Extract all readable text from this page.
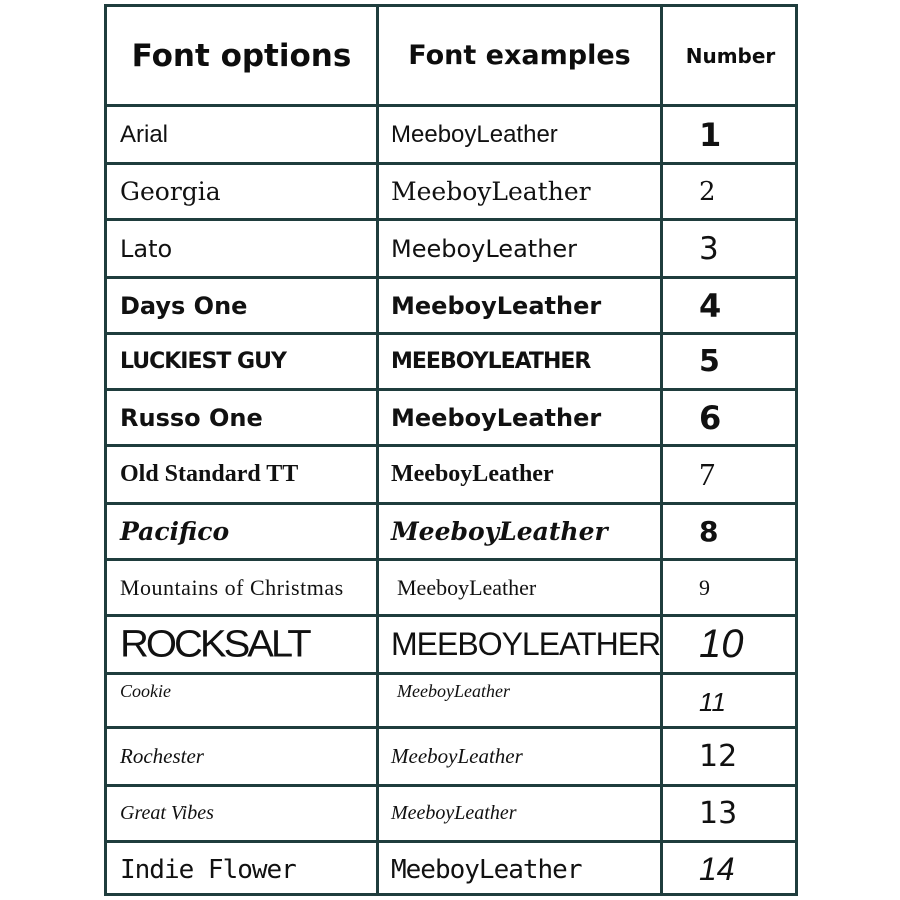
Font options	Font examples	Number
Arial	MeeboyLeather	1
Georgia	MeeboyLeather	2
Lato	MeeboyLeather	3
Days One	MeeboyLeather	4
LUCKIEST GUY	MEEBOYLEATHER	5
Russo One	MeeboyLeather	6
Old Standard TT	MeeboyLeather	7
Pacifico	MeeboyLeather	8
Mountains of Christmas	MeeboyLeather	9
ROCKSALT	MEEBOYLEATHER 10
Cookie	MeeboyLeather	11
Rochester	MeeboyLeather	12
Great Vibes	MeeboyLeather	13
Indie Flower	MeeboyLeather	14
